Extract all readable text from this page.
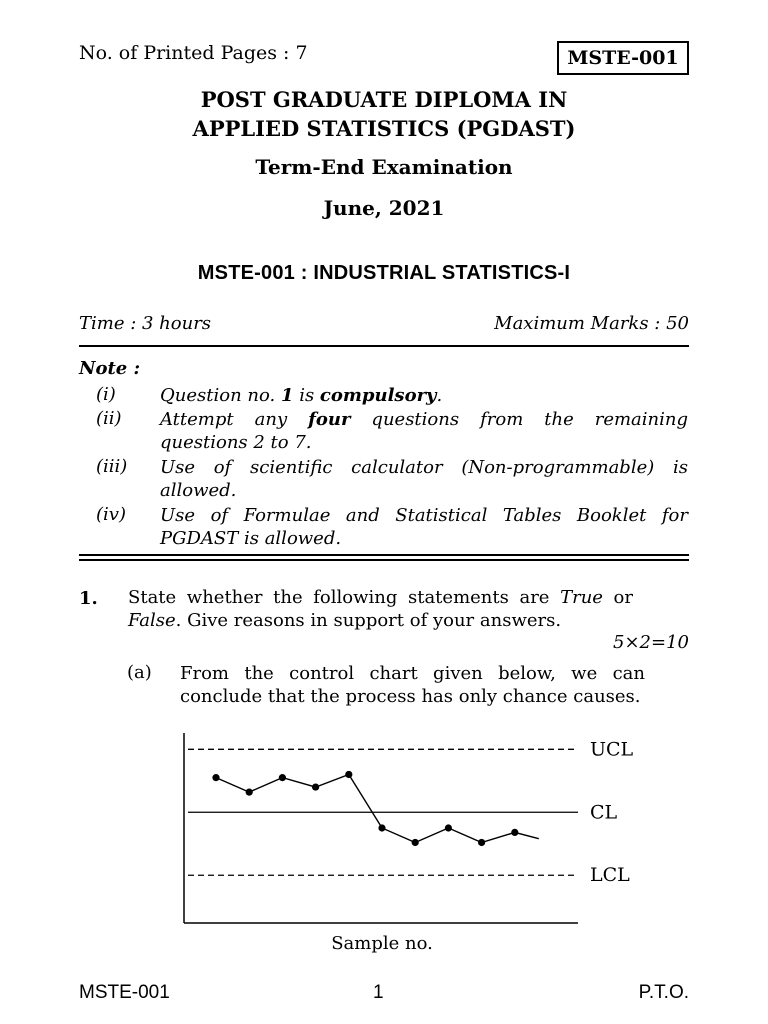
No. of Printed Pages : 7	MSTE-001
POST GRADUATE DIPLOMA IN
APPLIED STATISTICS (PGDAST)
Term-End Examination
June, 2021
MSTE-001 : INDUSTRIAL STATISTICS-I
Time : 3 hours	Maximum Marks : 50
Note :
(i) Question no. 1 is compulsory.
(ii) Attempt any four questions from the remaining questions 2 to 7.
(iii) Use of scientific calculator (Non-programmable) is allowed.
(iv) Use of Formulae and Statistical Tables Booklet for PGDAST is allowed.
1. State whether the following statements are True or False. Give reasons in support of your answers.
5×2=10
(a) From the control chart given below, we can conclude that the process has only chance causes.
UCL
CL
LCL
Sample no.
MSTE-001	1	P.T.O.
